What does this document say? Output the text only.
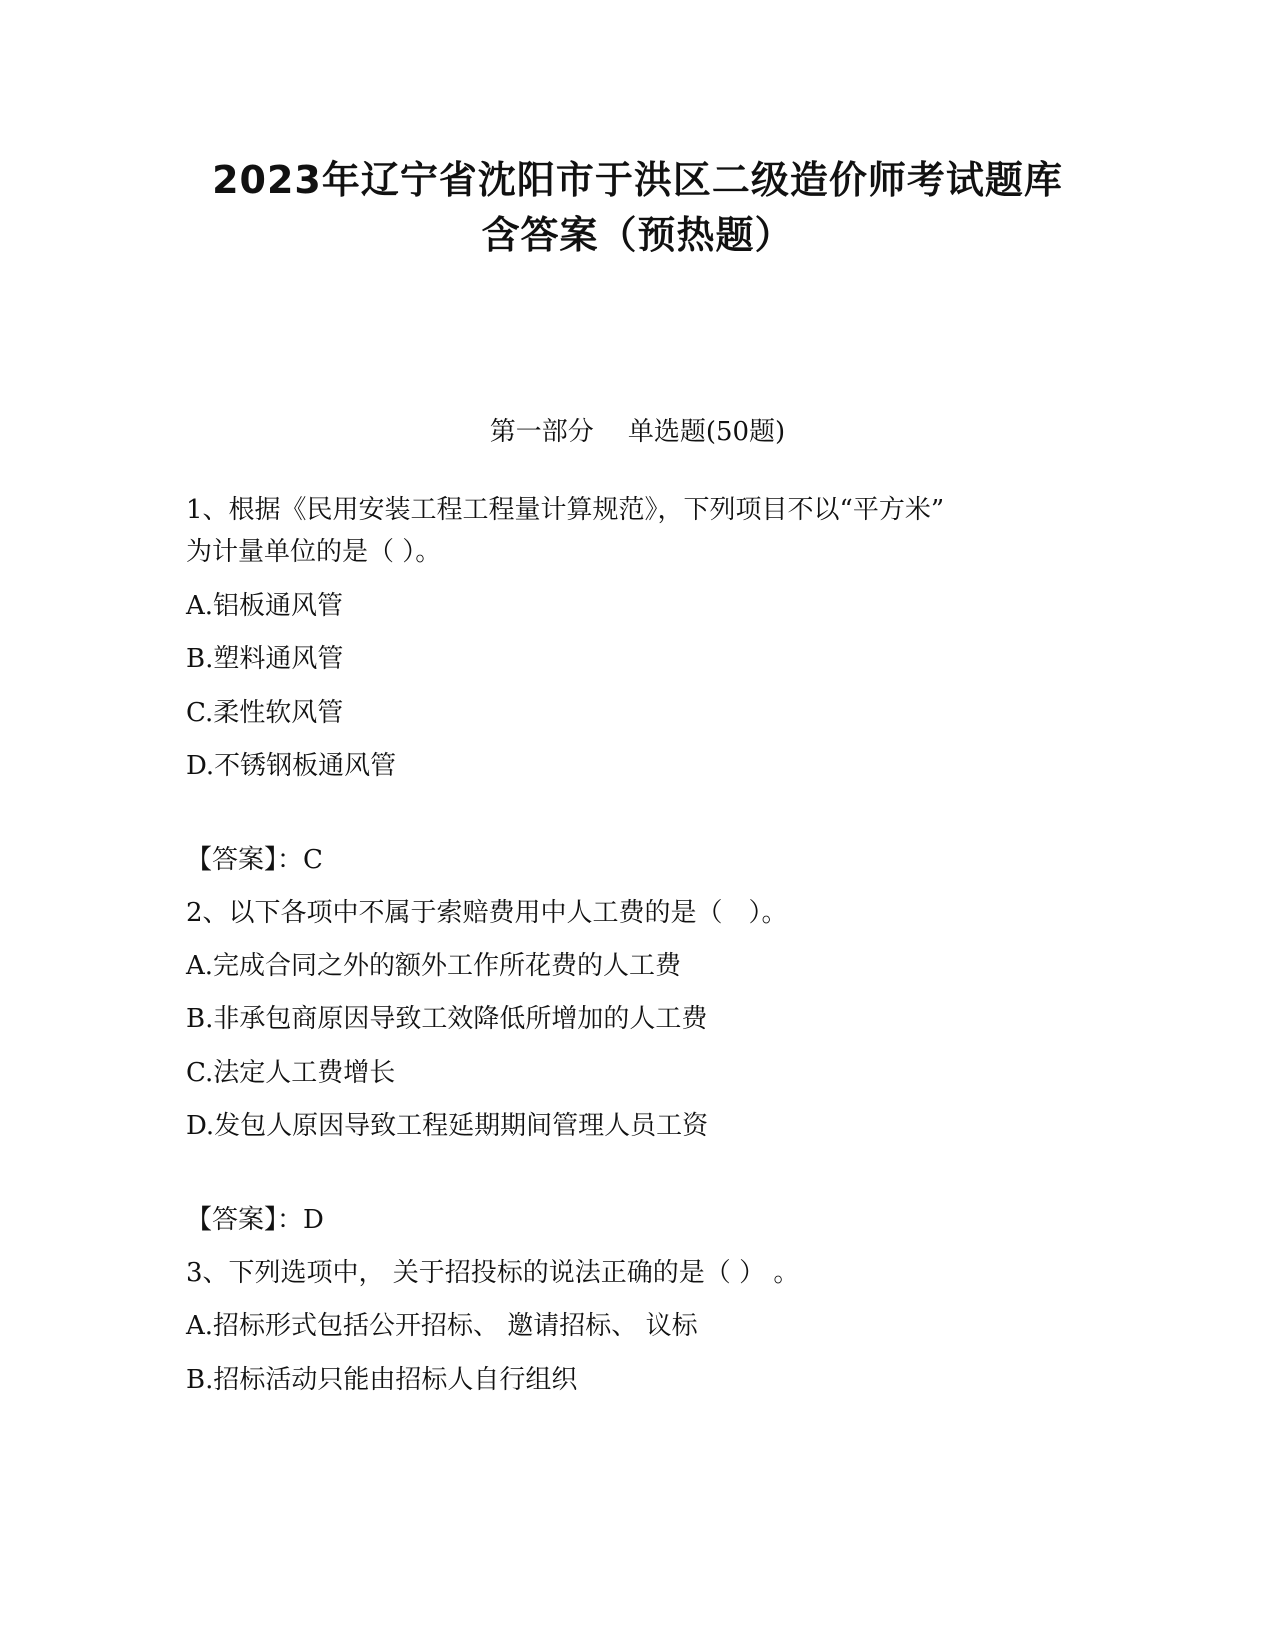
2023年辽宁省沈阳市于洪区二级造价师考试题库
含答案（预热题）
第一部分 单选题(50题)
1、根据《民用安装工程工程量计算规范》，下列项目不以“平方米”
为计量单位的是（ ）。
A.铝板通风管
B.塑料通风管
C.柔性软风管
D.不锈钢板通风管
【答案】：C
2、以下各项中不属于索赔费用中人工费的是（　）。
A.完成合同之外的额外工作所花费的人工费
B.非承包商原因导致工效降低所增加的人工费
C.法定人工费增长
D.发包人原因导致工程延期期间管理人员工资
【答案】：D
3、下列选项中， 关于招投标的说法正确的是（ ） 。
A.招标形式包括公开招标、 邀请招标、 议标
B.招标活动只能由招标人自行组织
